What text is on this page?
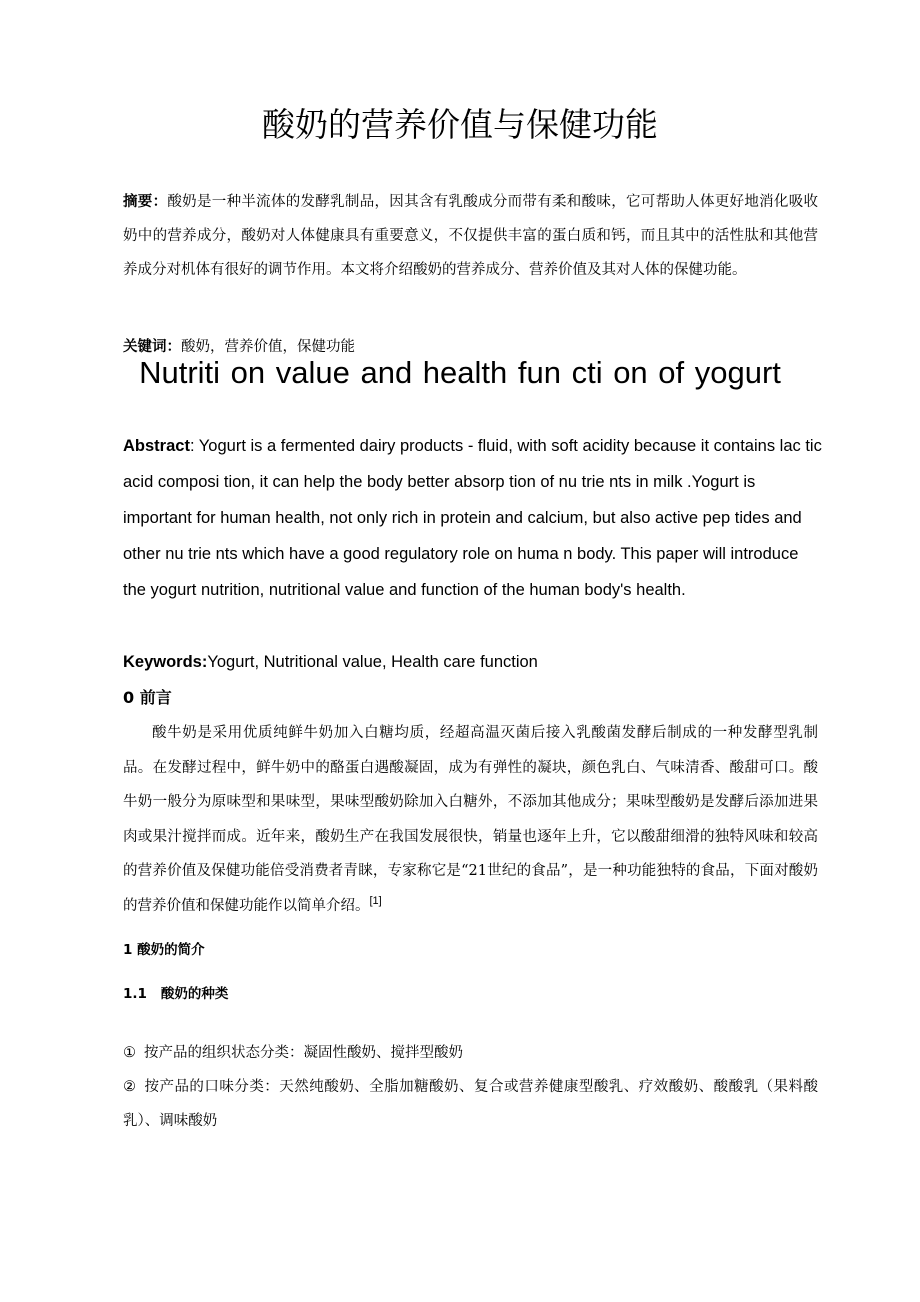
酸奶的营养价值与保健功能

摘要：酸奶是一种半流体的发酵乳制品，因其含有乳酸成分而带有柔和酸味，它可帮助人体更好地消化吸收奶中的营养成分，酸奶对人体健康具有重要意义，不仅提供丰富的蛋白质和钙，而且其中的活性肽和其他营养成分对机体有很好的调节作用。本文将介绍酸奶的营养成分、营养价值及其对人体的保健功能。

关键词：酸奶，营养价值，保健功能

Nutriti on value and health fun cti on of yogurt

Abstract: Yogurt is a fermented dairy products - fluid, with soft acidity because it contains lac tic acid composi tion, it can help the body better absorp tion of nu trie nts in milk .Yogurt is important for human health, not only rich in protein and calcium, but also active pep tides and other nu trie nts which have a good regulatory role on huma n body. This paper will introduce the yogurt nutrition, nutritional value and function of the human body's health.

Keywords:Yogurt, Nutritional value, Health care function

0 前言

酸牛奶是采用优质纯鲜牛奶加入白糖均质，经超高温灭菌后接入乳酸菌发酵后制成的一种发酵型乳制品。在发酵过程中，鲜牛奶中的酪蛋白遇酸凝固，成为有弹性的凝块，颜色乳白、气味清香、酸甜可口。酸牛奶一般分为原味型和果味型，果味型酸奶除加入白糖外，不添加其他成分；果味型酸奶是发酵后添加进果肉或果汁搅拌而成。近年来，酸奶生产在我国发展很快，销量也逐年上升，它以酸甜细滑的独特风味和较高的营养价值及保健功能倍受消费者青睐，专家称它是“21世纪的食品”，是一种功能独特的食品，下面对酸奶的营养价值和保健功能作以简单介绍。[1]

1 酸奶的简介
1.1 酸奶的种类

① 按产品的组织状态分类：凝固性酸奶、搅拌型酸奶

② 按产品的口味分类：天然纯酸奶、全脂加糖酸奶、复合或营养健康型酸乳、疗效酸奶、酸酸乳（果料酸乳）、调味酸奶
